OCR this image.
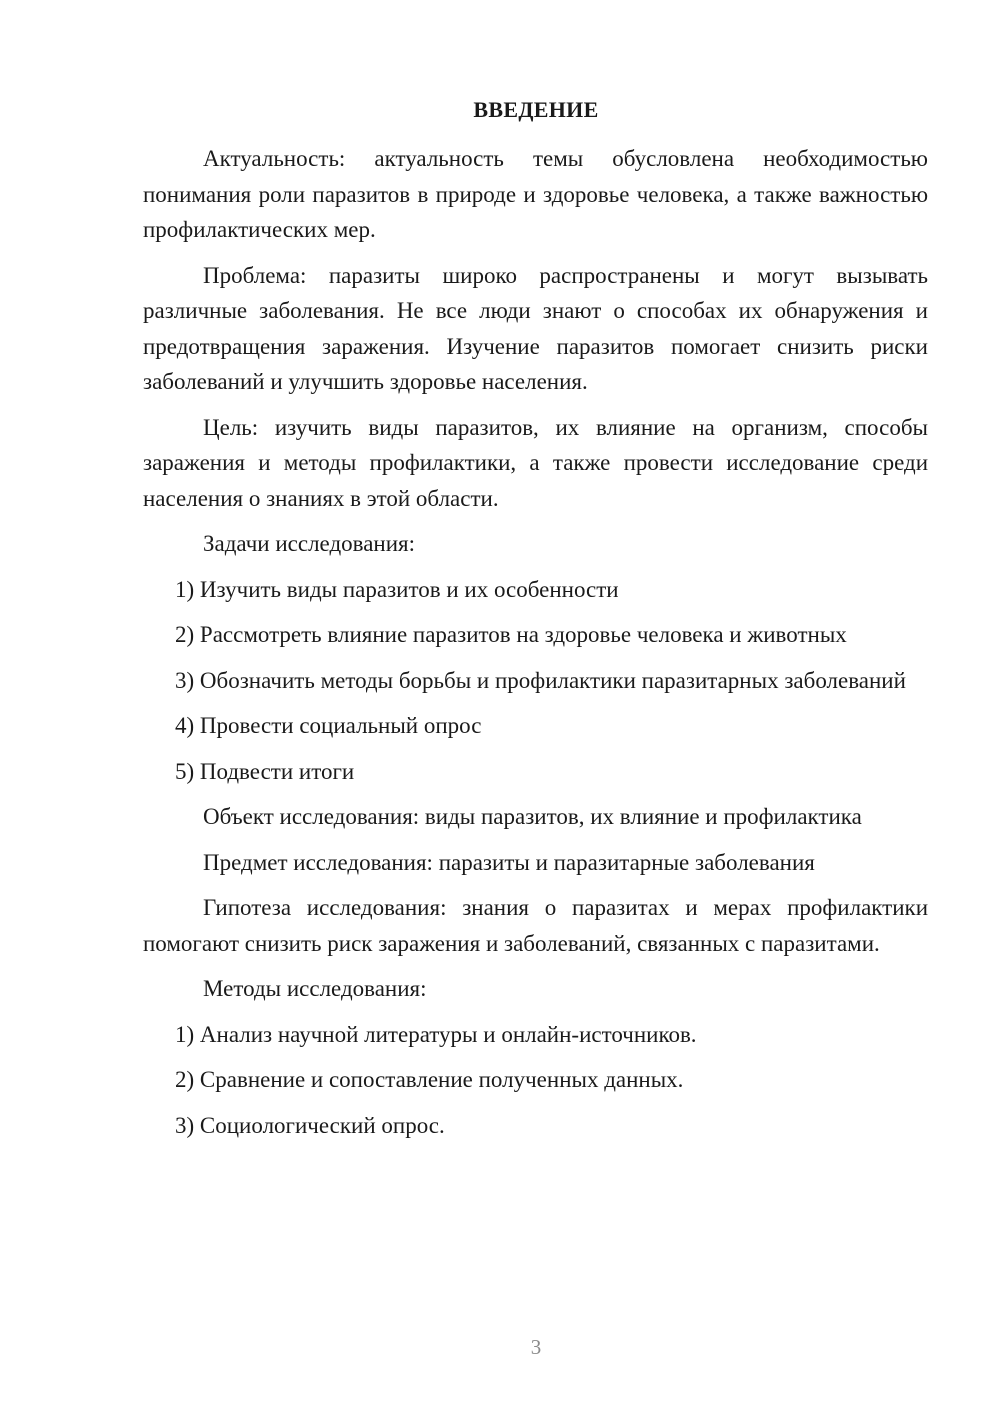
ВВЕДЕНИЕ

Актуальность: актуальность темы обусловлена необходимостью понимания роли паразитов в природе и здоровье человека, а также важностью профилактических мер.

Проблема: паразиты широко распространены и могут вызывать различные заболевания. Не все люди знают о способах их обнаружения и предотвращения заражения. Изучение паразитов помогает снизить риски заболеваний и улучшить здоровье населения.

Цель: изучить виды паразитов, их влияние на организм, способы заражения и методы профилактики, а также провести исследование среди населения о знаниях в этой области.

Задачи исследования:

1) Изучить виды паразитов и их особенности

2) Рассмотреть влияние паразитов на здоровье человека и животных

3) Обозначить методы борьбы и профилактики паразитарных заболеваний

4) Провести социальный опрос

5) Подвести итоги

Объект исследования: виды паразитов, их влияние и профилактика

Предмет исследования: паразиты и паразитарные заболевания

Гипотеза исследования: знания о паразитах и мерах профилактики помогают снизить риск заражения и заболеваний, связанных с паразитами.

Методы исследования:

1) Анализ научной литературы и онлайн-источников.

2) Сравнение и сопоставление полученных данных.

3) Социологический опрос.

3
